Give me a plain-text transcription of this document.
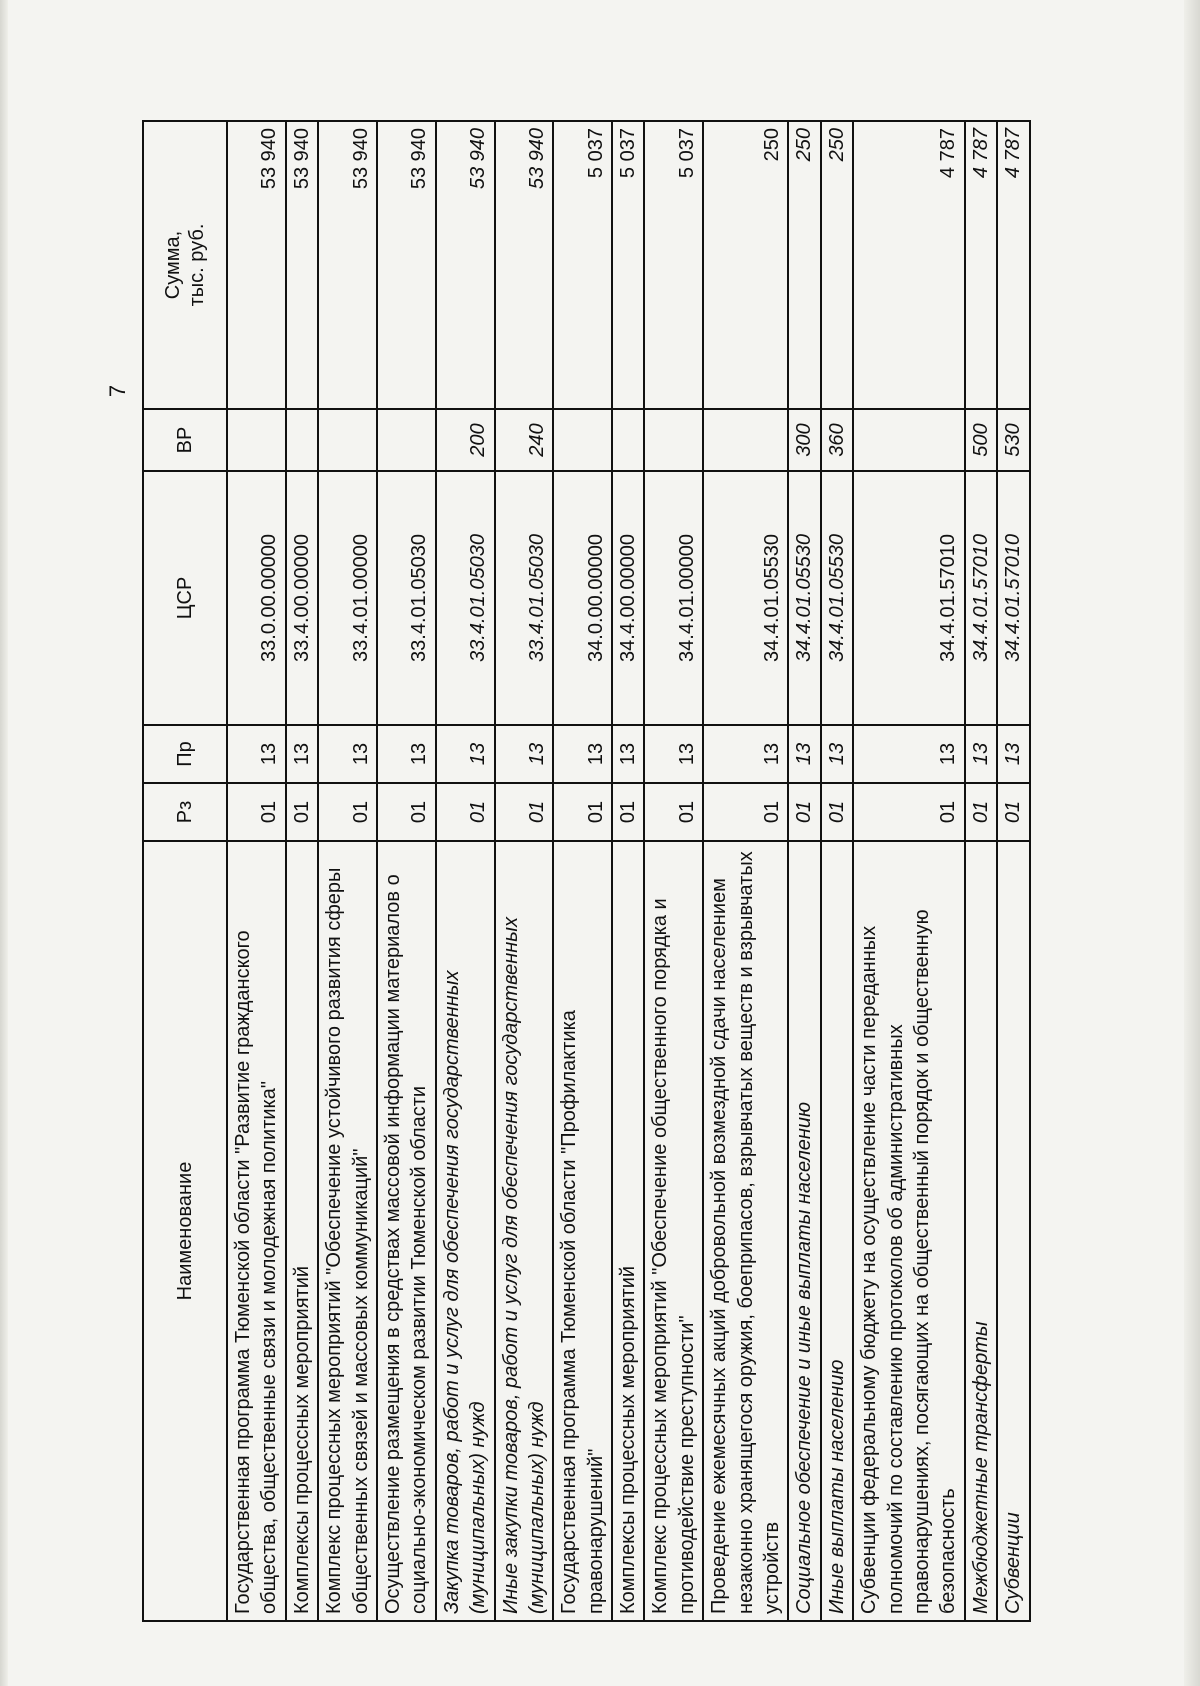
7
Наименование	Рз	Пр	ЦСР	ВР	Сумма, тыс. руб.

Государственная программа Тюменской области "Развитие гражданского общества, общественные связи и молодежная политика"	01	13	33.0.00.00000		53 940
Комплексы процессных мероприятий	01	13	33.4.00.00000		53 940
Комплекс процессных мероприятий "Обеспечение устойчивого развития сферы общественных связей и массовых коммуникаций"	01	13	33.4.01.00000		53 940
Осуществление размещения в средствах массовой информации материалов о социально-экономическом развитии Тюменской области	01	13	33.4.01.05030		53 940
Закупка товаров, работ и услуг для обеспечения государственных (муниципальных) нужд	01	13	33.4.01.05030	200	53 940
Иные закупки товаров, работ и услуг для обеспечения государственных (муниципальных) нужд	01	13	33.4.01.05030	240	53 940
Государственная программа Тюменской области "Профилактика правонарушений"	01	13	34.0.00.00000		5 037
Комплексы процессных мероприятий	01	13	34.4.00.00000		5 037
Комплекс процессных мероприятий "Обеспечение общественного порядка и противодействие преступности"	01	13	34.4.01.00000		5 037
Проведение ежемесячных акций добровольной возмездной сдачи населением незаконно хранящегося оружия, боеприпасов, взрывчатых веществ и взрывчатых устройств	01	13	34.4.01.05530		250
Социальное обеспечение и иные выплаты населению	01	13	34.4.01.05530	300	250
Иные выплаты населению	01	13	34.4.01.05530	360	250
Субвенции федеральному бюджету на осуществление части переданных полномочий по составлению протоколов об административных правонарушениях, посягающих на общественный порядок и общественную безопасность	01	13	34.4.01.57010		4 787
Межбюджетные трансферты	01	13	34.4.01.57010	500	4 787
Субвенции	01	13	34.4.01.57010	530	4 787
